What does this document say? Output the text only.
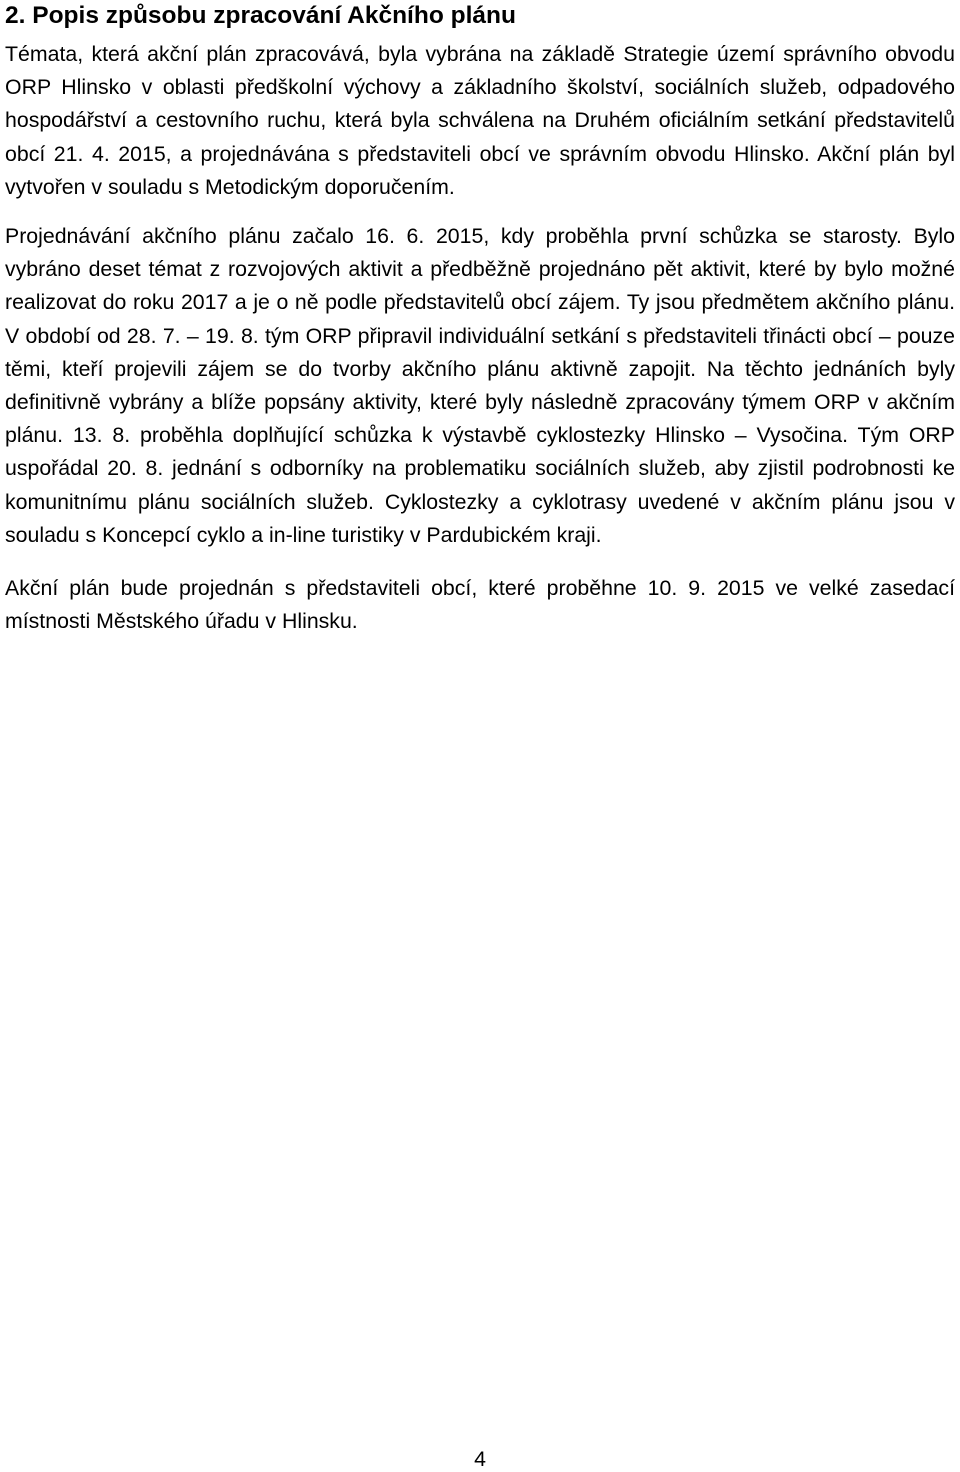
2. Popis způsobu zpracování Akčního plánu

Témata, která akční plán zpracovává, byla vybrána na základě Strategie území správního obvodu ORP Hlinsko v oblasti předškolní výchovy a základního školství, sociálních služeb, odpadového hospodářství a cestovního ruchu, která byla schválena na Druhém oficiálním setkání představitelů obcí 21. 4. 2015, a projednávána s představiteli obcí ve správním obvodu Hlinsko. Akční plán byl vytvořen v souladu s Metodickým doporučením.

Projednávání akčního plánu začalo 16. 6. 2015, kdy proběhla první schůzka se starosty. Bylo vybráno deset témat z rozvojových aktivit a předběžně projednáno pět aktivit, které by bylo možné realizovat do roku 2017 a je o ně podle představitelů obcí zájem. Ty jsou předmětem akčního plánu. V období od 28. 7. – 19. 8. tým ORP připravil individuální setkání s představiteli třinácti obcí – pouze těmi, kteří projevili zájem se do tvorby akčního plánu aktivně zapojit. Na těchto jednáních byly definitivně vybrány a blíže popsány aktivity, které byly následně zpracovány týmem ORP v akčním plánu. 13. 8. proběhla doplňující schůzka k výstavbě cyklostezky Hlinsko – Vysočina. Tým ORP uspořádal 20. 8. jednání s odborníky na problematiku sociálních služeb, aby zjistil podrobnosti ke komunitnímu plánu sociálních služeb. Cyklostezky a cyklotrasy uvedené v akčním plánu jsou v souladu s Koncepcí cyklo a in-line turistiky v Pardubickém kraji.

Akční plán bude projednán s představiteli obcí, které proběhne 10. 9. 2015 ve velké zasedací místnosti Městského úřadu v Hlinsku.

4
